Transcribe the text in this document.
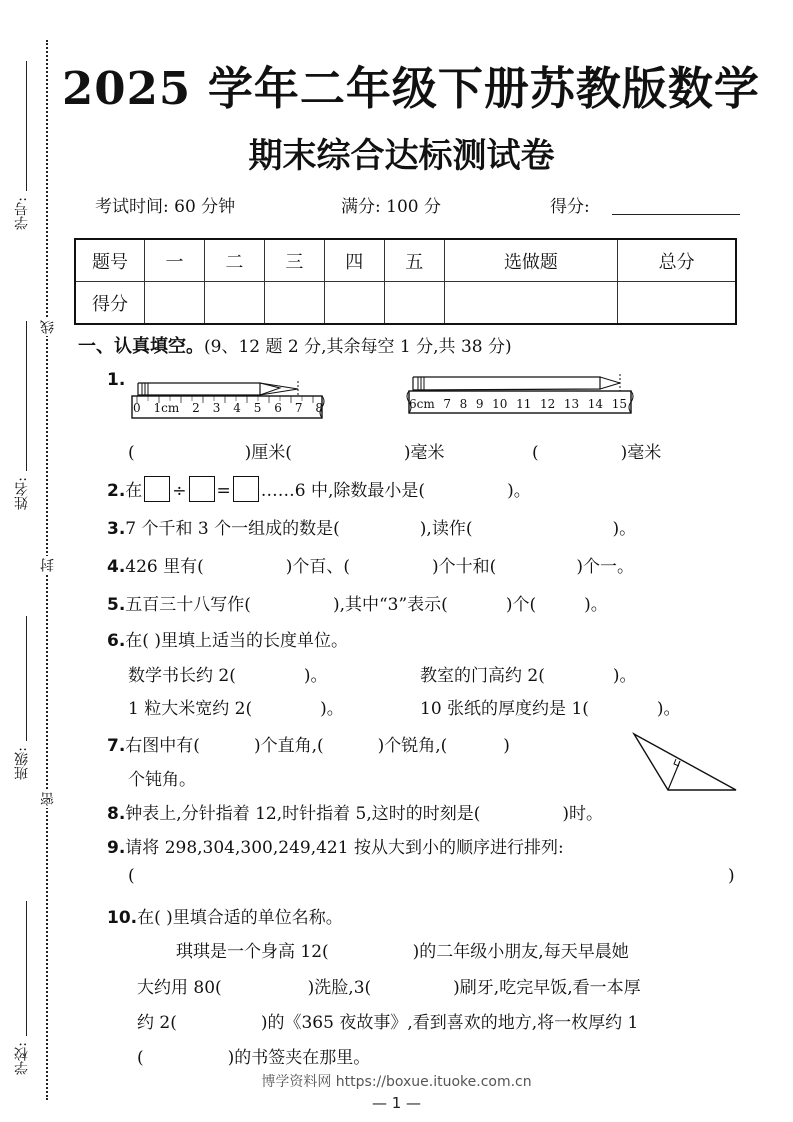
线
封
密
学号:
姓名:
班级:
学校:
2025 学年二年级下册苏教版数学
期末综合达标测试卷
考试时间: 60 分钟	满分: 100 分	得分:
题号	一	二	三	四	五	选做题	总分
得分							
一、认真填空。(9、12 题 2 分,其余每空 1 分,共 38 分)
1.
0 1cm 2 3 4 5 6 7 8	6cm 7 8 9 10 11 12 13 14 15
(	)厘米(	)毫米	(	)毫米
2.在 ÷ = ……6 中,除数最小是(	)。
3.7 个千和 3 个一组成的数是(	),读作(	)。
4.426 里有(	)个百、(	)个十和(	)个一。
5.五百三十八写作(	),其中“3”表示(	)个(	)。
6.在( )里填上适当的长度单位。
数学书长约 2(	)。	教室的门高约 2(	)。
1 粒大米宽约 2(	)。	10 张纸的厚度约是 1(	)。
7.右图中有(	)个直角,(	)个锐角,(	)
个钝角。
8.钟表上,分针指着 12,时针指着 5,这时的时刻是(	)时。
9.请将 298,304,300,249,421 按从大到小的顺序进行排列:
(	)
10.在( )里填合适的单位名称。
琪琪是一个身高 12(	)的二年级小朋友,每天早晨她
大约用 80(	)洗脸,3(	)刷牙,吃完早饭,看一本厚
约 2(	)的《365 夜故事》,看到喜欢的地方,将一枚厚约 1
(	)的书签夹在那里。
博学资料网 https://boxue.ituoke.com.cn
— 1 —
